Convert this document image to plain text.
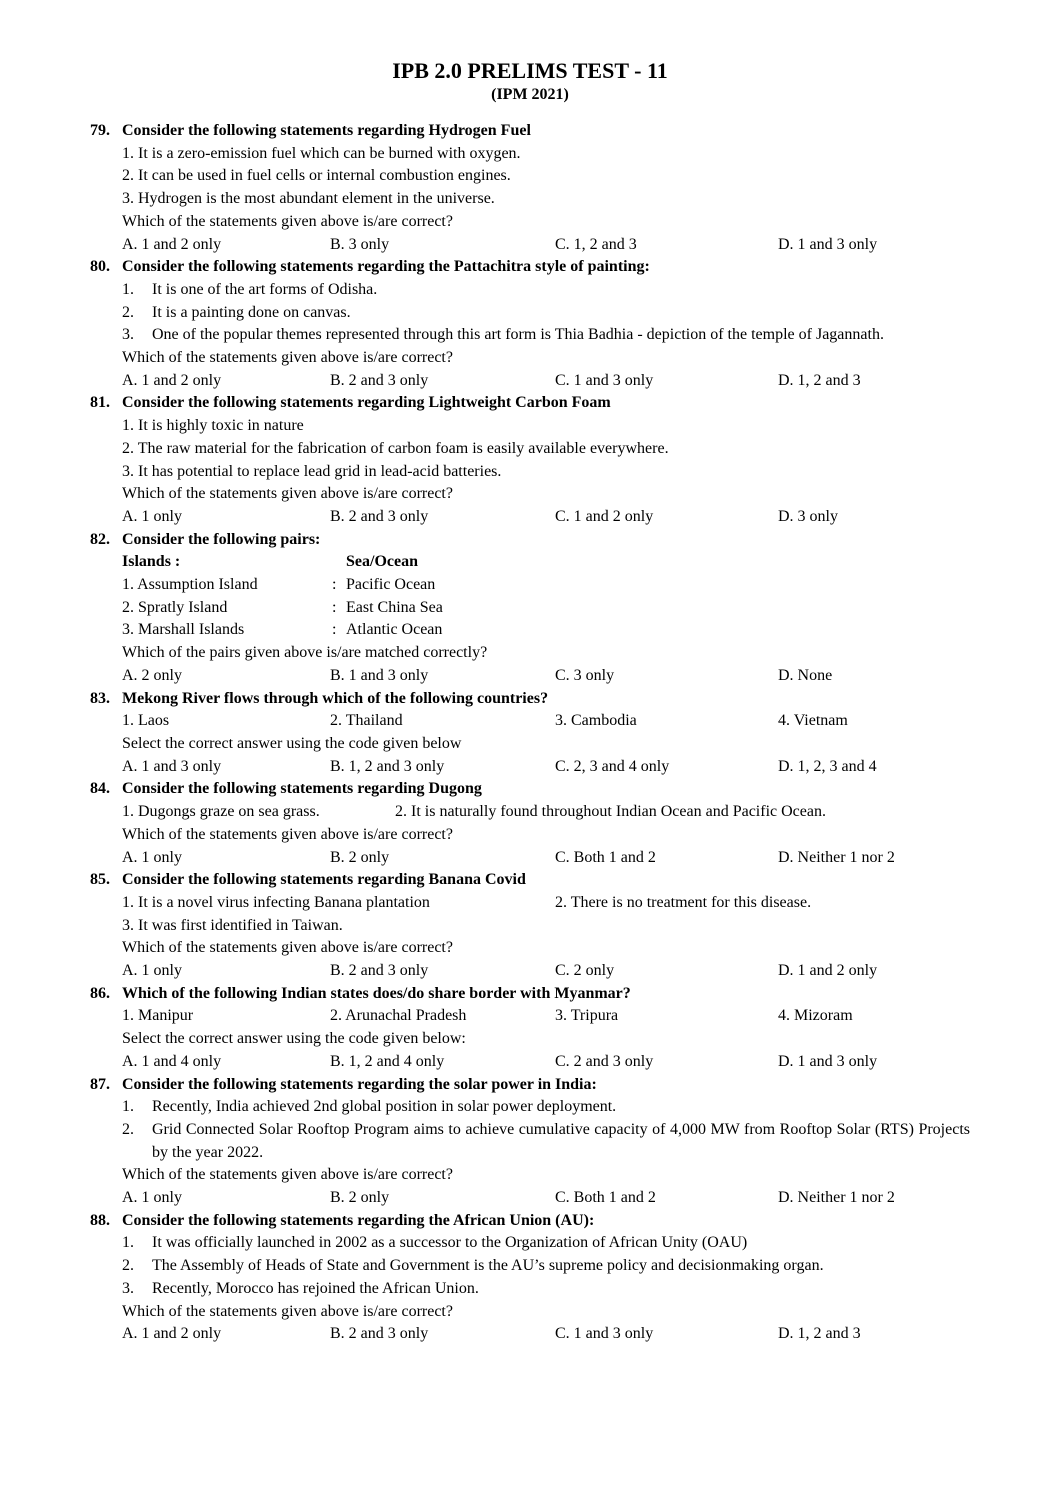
IPB 2.0 PRELIMS TEST - 11
(IPM 2021)
79. Consider the following statements regarding Hydrogen Fuel
1. It is a zero-emission fuel which can be burned with oxygen.
2. It can be used in fuel cells or internal combustion engines.
3. Hydrogen is the most abundant element in the universe.
Which of the statements given above is/are correct?
A. 1 and 2 only	B. 3 only	C. 1, 2 and 3	D. 1 and 3 only
80. Consider the following statements regarding the Pattachitra style of painting:
1. It is one of the art forms of Odisha.
2. It is a painting done on canvas.
3. One of the popular themes represented through this art form is Thia Badhia - depiction of the temple of Jagannath.
Which of the statements given above is/are correct?
A. 1 and 2 only	B. 2 and 3 only	C. 1 and 3 only	D. 1, 2 and 3
81. Consider the following statements regarding Lightweight Carbon Foam
1. It is highly toxic in nature
2. The raw material for the fabrication of carbon foam is easily available everywhere.
3. It has potential to replace lead grid in lead-acid batteries.
Which of the statements given above is/are correct?
A. 1 only	B. 2 and 3 only	C. 1 and 2 only	D. 3 only
82. Consider the following pairs:
Islands :	Sea/Ocean
1. Assumption Island	: Pacific Ocean
2. Spratly Island	: East China Sea
3. Marshall Islands	: Atlantic Ocean
Which of the pairs given above is/are matched correctly?
A. 2 only	B. 1 and 3 only	C. 3 only	D. None
83. Mekong River flows through which of the following countries?
1. Laos	2. Thailand	3. Cambodia	4. Vietnam
Select the correct answer using the code given below
A. 1 and 3 only	B. 1, 2 and 3 only	C. 2, 3 and 4 only	D. 1, 2, 3 and 4
84. Consider the following statements regarding Dugong
1. Dugongs graze on sea grass.	2. It is naturally found throughout Indian Ocean and Pacific Ocean.
Which of the statements given above is/are correct?
A. 1 only	B. 2 only	C. Both 1 and 2	D. Neither 1 nor 2
85. Consider the following statements regarding Banana Covid
1. It is a novel virus infecting Banana plantation	2. There is no treatment for this disease.
3. It was first identified in Taiwan.
Which of the statements given above is/are correct?
A. 1 only	B. 2 and 3 only	C. 2 only	D. 1 and 2 only
86. Which of the following Indian states does/do share border with Myanmar?
1. Manipur	2. Arunachal Pradesh	3. Tripura	4. Mizoram
Select the correct answer using the code given below:
A. 1 and 4 only	B. 1, 2 and 4 only	C. 2 and 3 only	D. 1 and 3 only
87. Consider the following statements regarding the solar power in India:
1. Recently, India achieved 2nd global position in solar power deployment.
2. Grid Connected Solar Rooftop Program aims to achieve cumulative capacity of 4,000 MW from Rooftop Solar (RTS) Projects by the year 2022.
Which of the statements given above is/are correct?
A. 1 only	B. 2 only	C. Both 1 and 2	D. Neither 1 nor 2
88. Consider the following statements regarding the African Union (AU):
1. It was officially launched in 2002 as a successor to the Organization of African Unity (OAU)
2. The Assembly of Heads of State and Government is the AU’s supreme policy and decisionmaking organ.
3. Recently, Morocco has rejoined the African Union.
Which of the statements given above is/are correct?
A. 1 and 2 only	B. 2 and 3 only	C. 1 and 3 only	D. 1, 2 and 3
